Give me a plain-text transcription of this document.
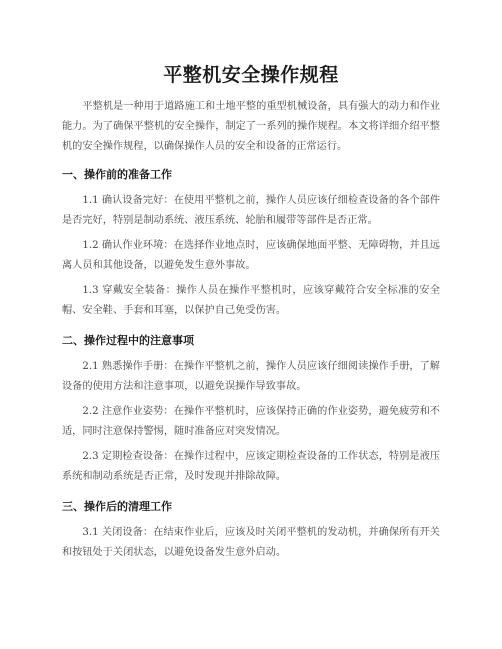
平整机安全操作规程

平整机是一种用于道路施工和土地平整的重型机械设备，具有强大的动力和作业能力。为了确保平整机的安全操作，制定了一系列的操作规程。本文将详细介绍平整机的安全操作规程，以确保操作人员的安全和设备的正常运行。

一、操作前的准备工作

1.1 确认设备完好：在使用平整机之前，操作人员应该仔细检查设备的各个部件是否完好，特别是制动系统、液压系统、轮胎和履带等部件是否正常。

1.2 确认作业环境：在选择作业地点时，应该确保地面平整、无障碍物，并且远离人员和其他设备，以避免发生意外事故。

1.3 穿戴安全装备：操作人员在操作平整机时，应该穿戴符合安全标准的安全帽、安全鞋、手套和耳塞，以保护自己免受伤害。

二、操作过程中的注意事项

2.1 熟悉操作手册：在操作平整机之前，操作人员应该仔细阅读操作手册，了解设备的使用方法和注意事项，以避免误操作导致事故。

2.2 注意作业姿势：在操作平整机时，应该保持正确的作业姿势，避免疲劳和不适，同时注意保持警惕，随时准备应对突发情况。

2.3 定期检查设备：在操作过程中，应该定期检查设备的工作状态，特别是液压系统和制动系统是否正常，及时发现并排除故障。

三、操作后的清理工作

3.1 关闭设备：在结束作业后，应该及时关闭平整机的发动机，并确保所有开关和按钮处于关闭状态，以避免设备发生意外启动。
